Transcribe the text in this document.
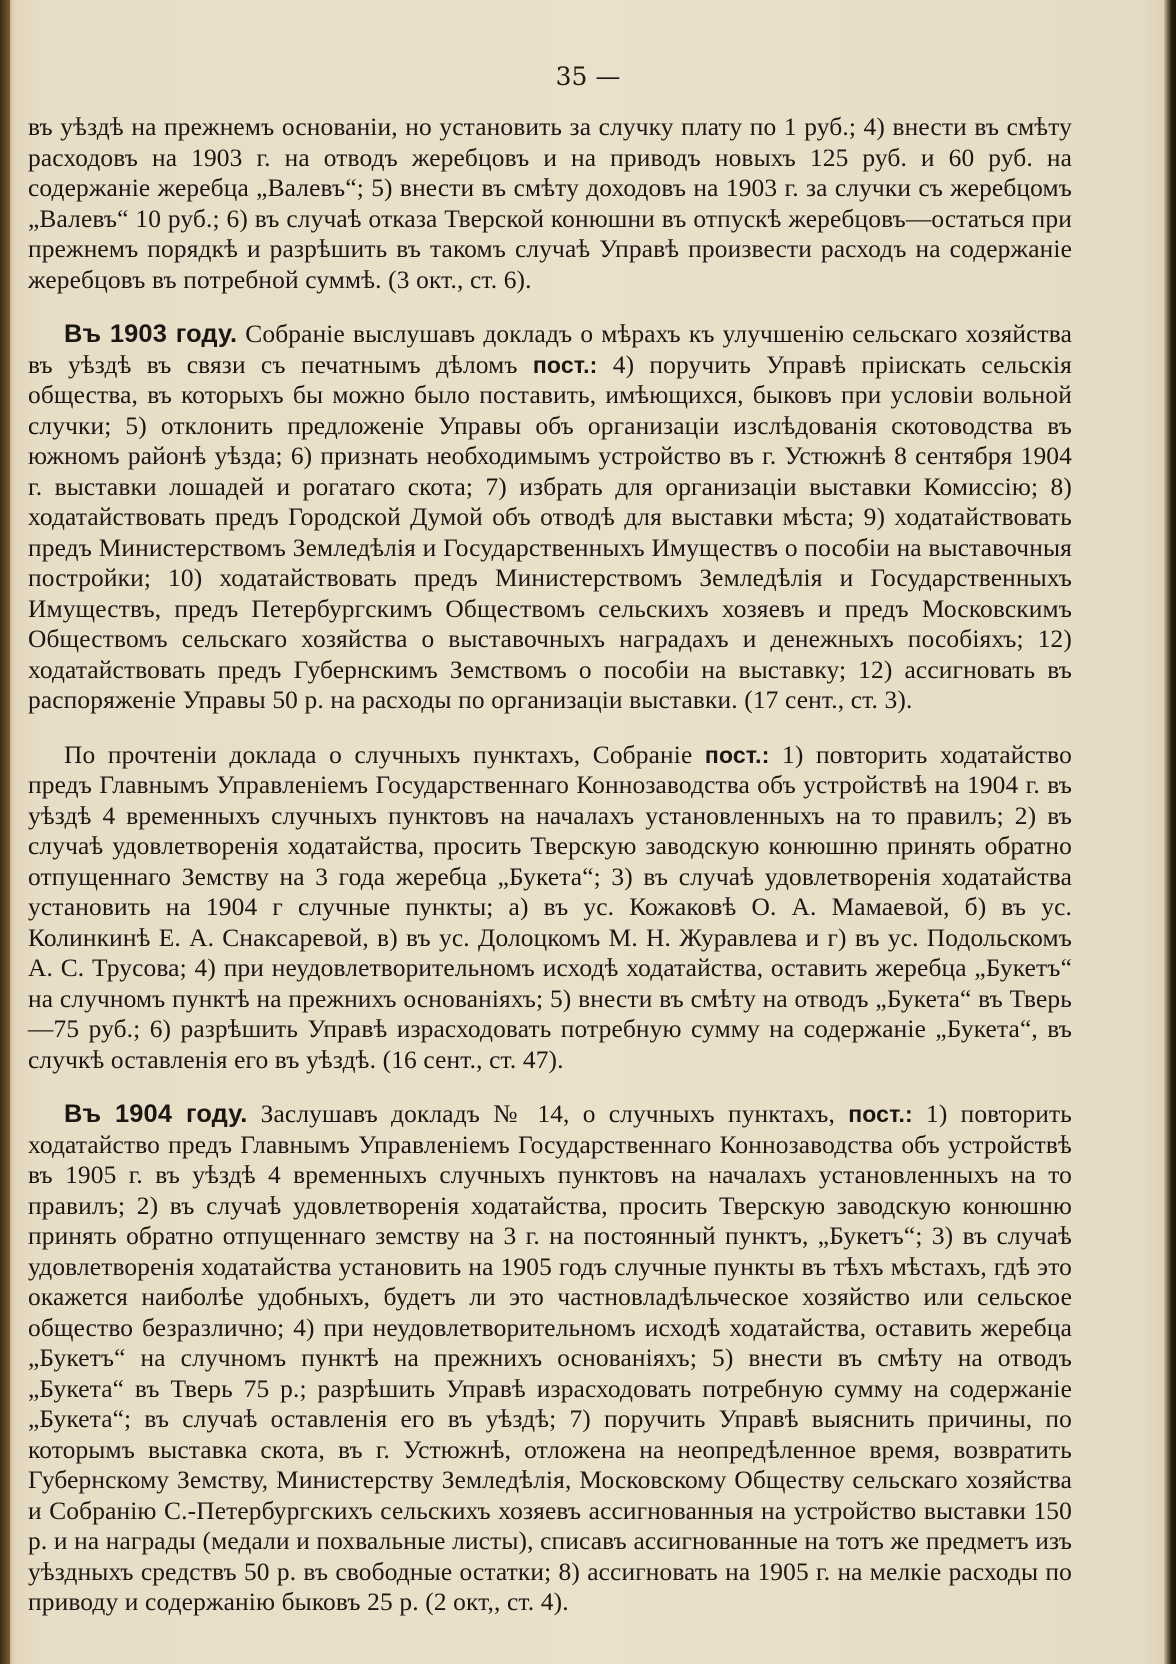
35 —

въ уѣздѣ на прежнемъ основаніи, но установить за случку плату по 1 руб.; 4) внести въ смѣту расходовъ на 1903 г. на отводъ жеребцовъ и на приводъ новыхъ 125 руб. и 60 руб. на содержаніе жеребца „Валевъ“; 5) внести въ смѣту доходовъ на 1903 г. за случки съ жеребцомъ „Валевъ“ 10 руб.; 6) въ случаѣ отказа Тверской конюшни въ отпускѣ жеребцовъ—остаться при прежнемъ порядкѣ и разрѣшить въ такомъ случаѣ Управѣ произвести расходъ на содержаніе жеребцовъ въ потребной суммѣ. (3 окт., ст. 6).

Въ 1903 году. Собраніе выслушавъ докладъ о мѣрахъ къ улучшенію сельскаго хозяйства въ уѣздѣ въ связи съ печатнымъ дѣломъ пост.: 4) поручить Управѣ пріискать сельскія общества, въ которыхъ бы можно было поставить, имѣющихся, быковъ при условіи вольной случки; 5) отклонить предложеніе Управы объ организаціи изслѣдованія скотоводства въ южномъ районѣ уѣзда; 6) признать необходимымъ устройство въ г. Устюжнѣ 8 сентября 1904 г. выставки лошадей и рогатаго скота; 7) избрать для организаціи выставки Комиссію; 8) ходатайствовать предъ Городской Думой объ отводѣ для выставки мѣста; 9) ходатайствовать предъ Министерствомъ Земледѣлія и Государственныхъ Имуществъ о пособіи на выставочныя постройки; 10) ходатайствовать предъ Министерствомъ Земледѣлія и Государственныхъ Имуществъ, предъ Петербургскимъ Обществомъ сельскихъ хозяевъ и предъ Московскимъ Обществомъ сельскаго хозяйства о выставочныхъ наградахъ и денежныхъ пособіяхъ; 12) ходатайствовать предъ Губернскимъ Земствомъ о пособіи на выставку; 12) ассигновать въ распоряженіе Управы 50 р. на расходы по организаціи выставки. (17 сент., ст. 3).

По прочтеніи доклада о случныхъ пунктахъ, Собраніе пост.: 1) повторить ходатайство предъ Главнымъ Управленіемъ Государственнаго Коннозаводства объ устройствѣ на 1904 г. въ уѣздѣ 4 временныхъ случныхъ пунктовъ на началахъ установленныхъ на то правилъ; 2) въ случаѣ удовлетворенія ходатайства, просить Тверскую заводскую конюшню принять обратно отпущеннаго Земству на 3 года жеребца „Букета“; 3) въ случаѣ удовлетворенія ходатайства установить на 1904 г случные пункты; а) въ ус. Кожаковѣ О. А. Мамаевой, б) въ ус. Колинкинѣ Е. А. Снаксаревой, в) въ ус. Долоцкомъ М. Н. Журавлева и г) въ ус. Подольскомъ А. С. Трусова; 4) при неудовлетворительномъ исходѣ ходатайства, оставить жеребца „Букетъ“ на случномъ пунктѣ на прежнихъ основаніяхъ; 5) внести въ смѣту на отводъ „Букета“ въ Тверь—75 руб.; 6) разрѣшить Управѣ израсходовать потребную сумму на содержаніе „Букета“, въ случкѣ оставленія его въ уѣздѣ. (16 сент., ст. 47).

Въ 1904 году. Заслушавъ докладъ № 14, о случныхъ пунктахъ, пост.: 1) повторить ходатайство предъ Главнымъ Управленіемъ Государственнаго Коннозаводства объ устройствѣ въ 1905 г. въ уѣздѣ 4 временныхъ случныхъ пунктовъ на началахъ установленныхъ на то правилъ; 2) въ случаѣ удовлетворенія ходатайства, просить Тверскую заводскую конюшню принять обратно отпущеннаго земству на 3 г. на постоянный пунктъ, „Букетъ“; 3) въ случаѣ удовлетворенія ходатайства установить на 1905 годъ случные пункты въ тѣхъ мѣстахъ, гдѣ это окажется наиболѣе удобныхъ, будетъ ли это частновладѣльческое хозяйство или сельское общество безразлично; 4) при неудовлетворительномъ исходѣ ходатайства, оставить жеребца „Букетъ“ на случномъ пунктѣ на прежнихъ основаніяхъ; 5) внести въ смѣту на отводъ „Букета“ въ Тверь 75 р.; разрѣшить Управѣ израсходовать потребную сумму на содержаніе „Букета“; въ случаѣ оставленія его въ уѣздѣ; 7) поручить Управѣ выяснить причины, по которымъ выставка скота, въ г. Устюжнѣ, отложена на неопредѣленное время, возвратить Губернскому Земству, Министерству Земледѣлія, Московскому Обществу сельскаго хозяйства и Собранію С.-Петербургскихъ сельскихъ хозяевъ ассигнованныя на устройство выставки 150 р. и на награды (медали и похвальные листы), списавъ ассигнованные на тотъ же предметъ изъ уѣздныхъ средствъ 50 р. въ свободные остатки; 8) ассигновать на 1905 г. на мелкіе расходы по приводу и содержанію быковъ 25 р. (2 окт,, ст. 4).
